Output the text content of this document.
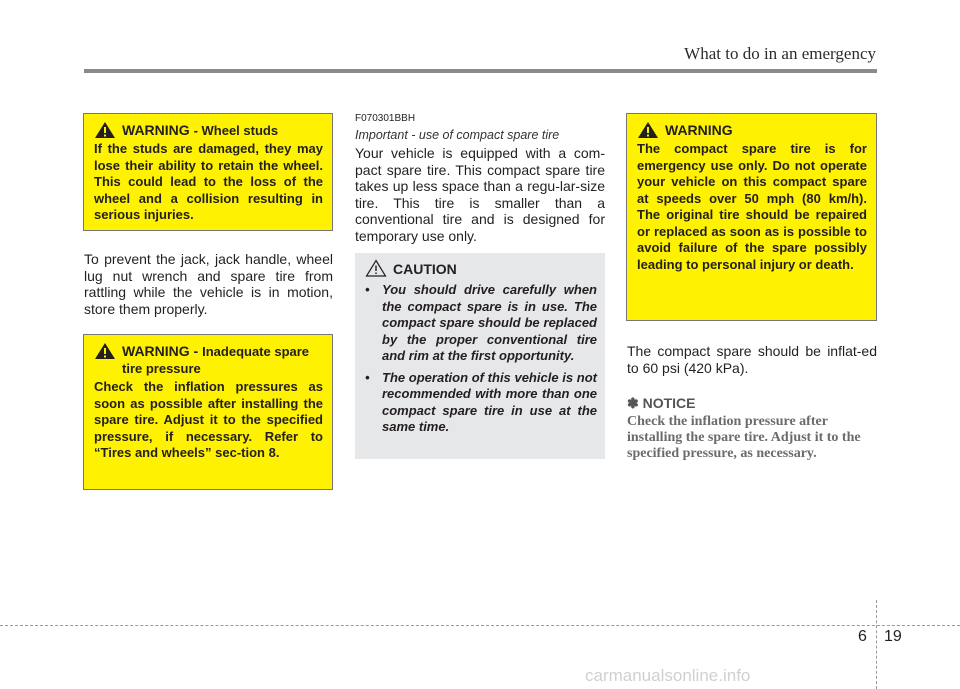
What to do in an emergency
WARNING - Wheel studs
If the studs are damaged, they may lose their ability to retain the wheel. This could lead to the loss of the wheel and a collision resulting in serious injuries.
To prevent the jack, jack handle, wheel lug nut wrench and spare tire from rattling while the vehicle is in motion, store them properly.
WARNING - Inadequate spare tire pressure
Check the inflation pressures as soon as possible after installing the spare tire. Adjust it to the specified pressure, if necessary. Refer to “Tires and wheels” sec-tion 8.
F070301BBH
Important - use of compact spare tire
Your vehicle is equipped with a com-pact spare tire. This compact spare tire takes up less space than a regu-lar-size tire. This tire is smaller than a conventional tire and is designed for temporary use only.
CAUTION
• You should drive carefully when the compact spare is in use. The compact spare should be replaced by the proper conventional tire and rim at the first opportunity.
• The operation of this vehicle is not recommended with more than one compact spare tire in use at the same time.
WARNING
The compact spare tire is for emergency use only. Do not operate your vehicle on this compact spare at speeds over 50 mph (80 km/h). The original tire should be repaired or replaced as soon as is possible to avoid failure of the spare possibly leading to personal injury or death.
The compact spare should be inflat-ed to 60 psi (420 kPa).
✽ NOTICE
Check the inflation pressure after installing the spare tire. Adjust it to the specified pressure, as necessary.
6 19
carmanualsonline.info
